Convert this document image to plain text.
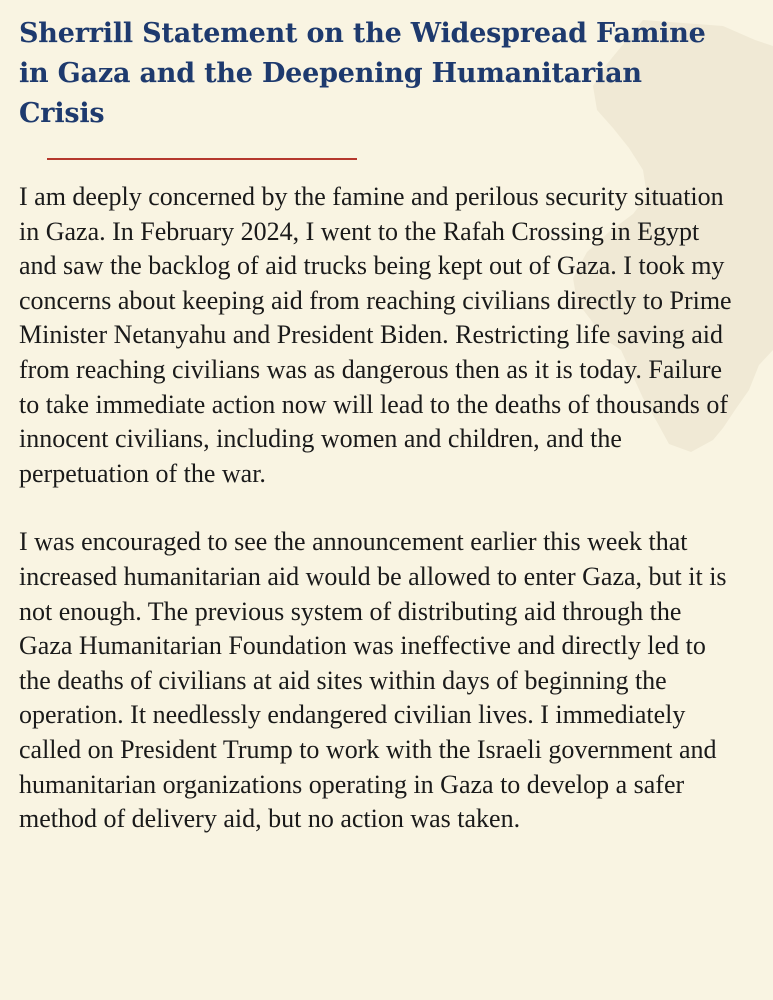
Sherrill Statement on the Widespread Famine in Gaza and the Deepening Humanitarian Crisis

I am deeply concerned by the famine and perilous security situation in Gaza. In February 2024, I went to the Rafah Crossing in Egypt and saw the backlog of aid trucks being kept out of Gaza. I took my concerns about keeping aid from reaching civilians directly to Prime Minister Netanyahu and President Biden. Restricting life saving aid from reaching civilians was as dangerous then as it is today. Failure to take immediate action now will lead to the deaths of thousands of innocent civilians, including women and children, and the perpetuation of the war.

I was encouraged to see the announcement earlier this week that increased humanitarian aid would be allowed to enter Gaza, but it is not enough. The previous system of distributing aid through the Gaza Humanitarian Foundation was ineffective and directly led to the deaths of civilians at aid sites within days of beginning the operation. It needlessly endangered civilian lives. I immediately called on President Trump to work with the Israeli government and humanitarian organizations operating in Gaza to develop a safer method of delivery aid, but no action was taken.
